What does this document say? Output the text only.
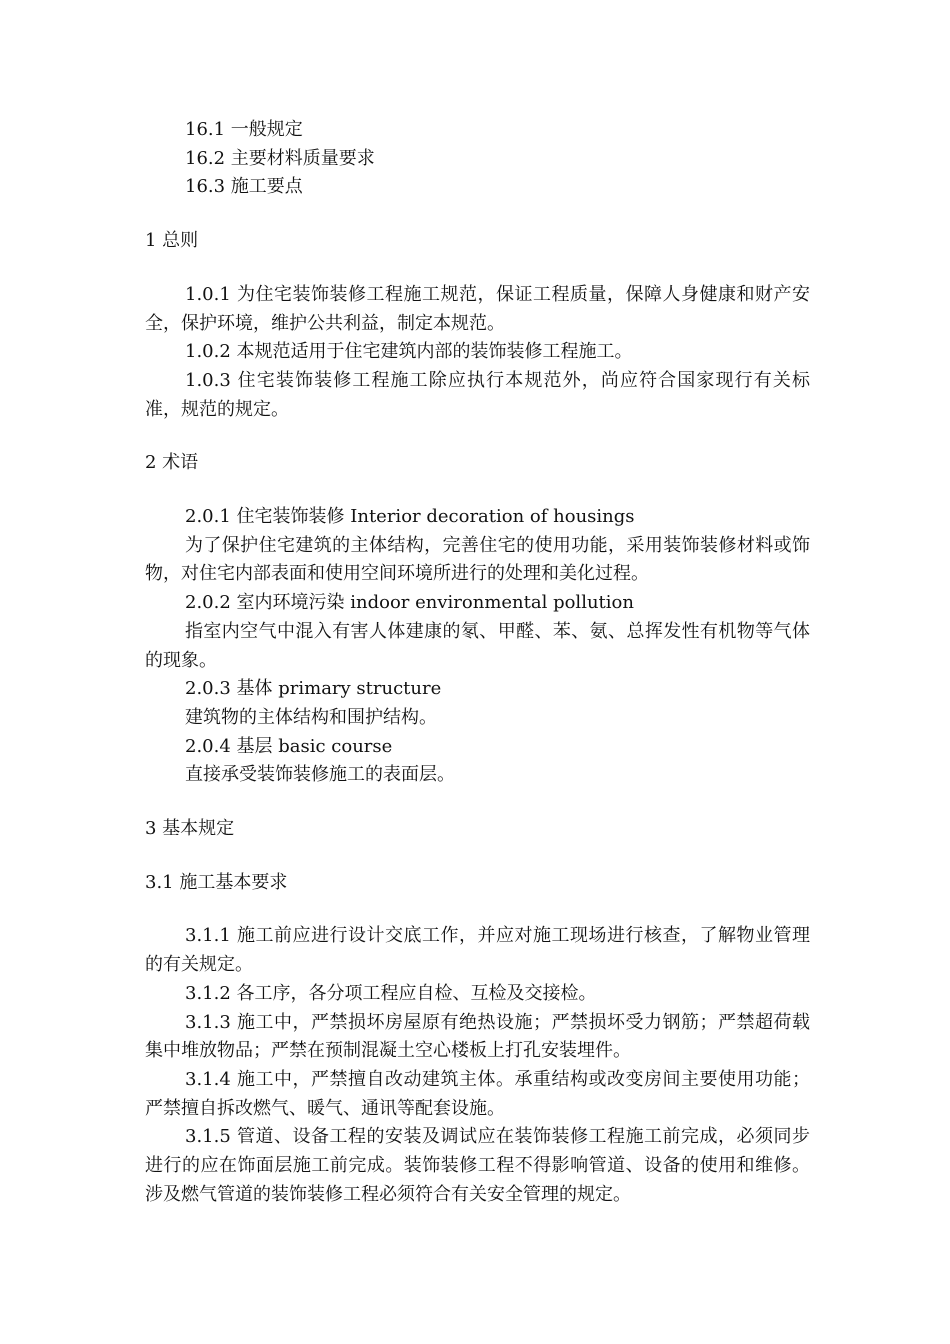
16.1 一般规定

16.2 主要材料质量要求

16.3 施工要点

1 总则

1.0.1 为住宅装饰装修工程施工规范，保证工程质量，保障人身健康和财产安全，保护环境，维护公共利益，制定本规范。

1.0.2 本规范适用于住宅建筑内部的装饰装修工程施工。

1.0.3 住宅装饰装修工程施工除应执行本规范外，尚应符合国家现行有关标准，规范的规定。

2 术语

2.0.1 住宅装饰装修 Interior decoration of housings

为了保护住宅建筑的主体结构，完善住宅的使用功能，采用装饰装修材料或饰物，对住宅内部表面和使用空间环境所进行的处理和美化过程。

2.0.2 室内环境污染 indoor environmental pollution

指室内空气中混入有害人体建康的氡、甲醛、苯、氨、总挥发性有机物等气体的现象。

2.0.3 基体 primary structure

建筑物的主体结构和围护结构。

2.0.4 基层 basic course

直接承受装饰装修施工的表面层。

3 基本规定

3.1 施工基本要求

3.1.1 施工前应进行设计交底工作，并应对施工现场进行核查，了解物业管理的有关规定。

3.1.2 各工序，各分项工程应自检、互检及交接检。

3.1.3 施工中，严禁损坏房屋原有绝热设施；严禁损坏受力钢筋；严禁超荷载集中堆放物品；严禁在预制混凝土空心楼板上打孔安装埋件。

3.1.4 施工中，严禁擅自改动建筑主体。承重结构或改变房间主要使用功能；严禁擅自拆改燃气、暖气、通讯等配套设施。

3.1.5 管道、设备工程的安装及调试应在装饰装修工程施工前完成，必须同步进行的应在饰面层施工前完成。装饰装修工程不得影响管道、设备的使用和维修。涉及燃气管道的装饰装修工程必须符合有关安全管理的规定。
